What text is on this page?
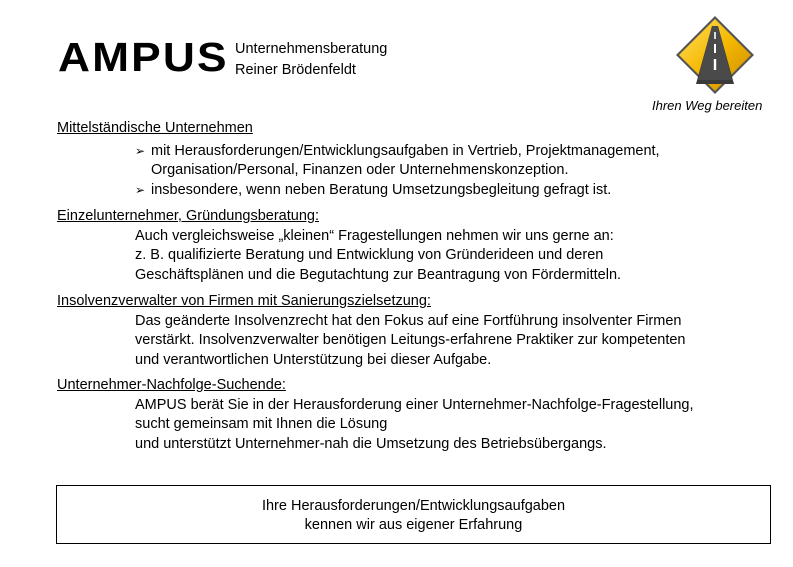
AMPUS Unternehmensberatung
Reiner Brödenfeldt
Ihren Weg bereiten
Mittelständische Unternehmen
➢ mit Herausforderungen/Entwicklungsaufgaben in Vertrieb, Projektmanagement,
Organisation/Personal, Finanzen oder Unternehmenskonzeption.
➢ insbesondere, wenn neben Beratung Umsetzungsbegleitung gefragt ist.
Einzelunternehmer, Gründungsberatung:
Auch vergleichsweise „kleinen“ Fragestellungen nehmen wir uns gerne an:
z. B. qualifizierte Beratung und Entwicklung von Gründerideen und deren
Geschäftsplänen und die Begutachtung zur Beantragung von Fördermitteln.
Insolvenzverwalter von Firmen mit Sanierungszielsetzung:
Das geänderte Insolvenzrecht hat den Fokus auf eine Fortführung insolventer Firmen
verstärkt. Insolvenzverwalter benötigen Leitungs-erfahrene Praktiker zur kompetenten
und verantwortlichen Unterstützung bei dieser Aufgabe.
Unternehmer-Nachfolge-Suchende:
AMPUS berät Sie in der Herausforderung einer Unternehmer-Nachfolge-Fragestellung,
sucht gemeinsam mit Ihnen die Lösung
und unterstützt Unternehmer-nah die Umsetzung des Betriebsübergangs.
Ihre Herausforderungen/Entwicklungsaufgaben
kennen wir aus eigener Erfahrung
